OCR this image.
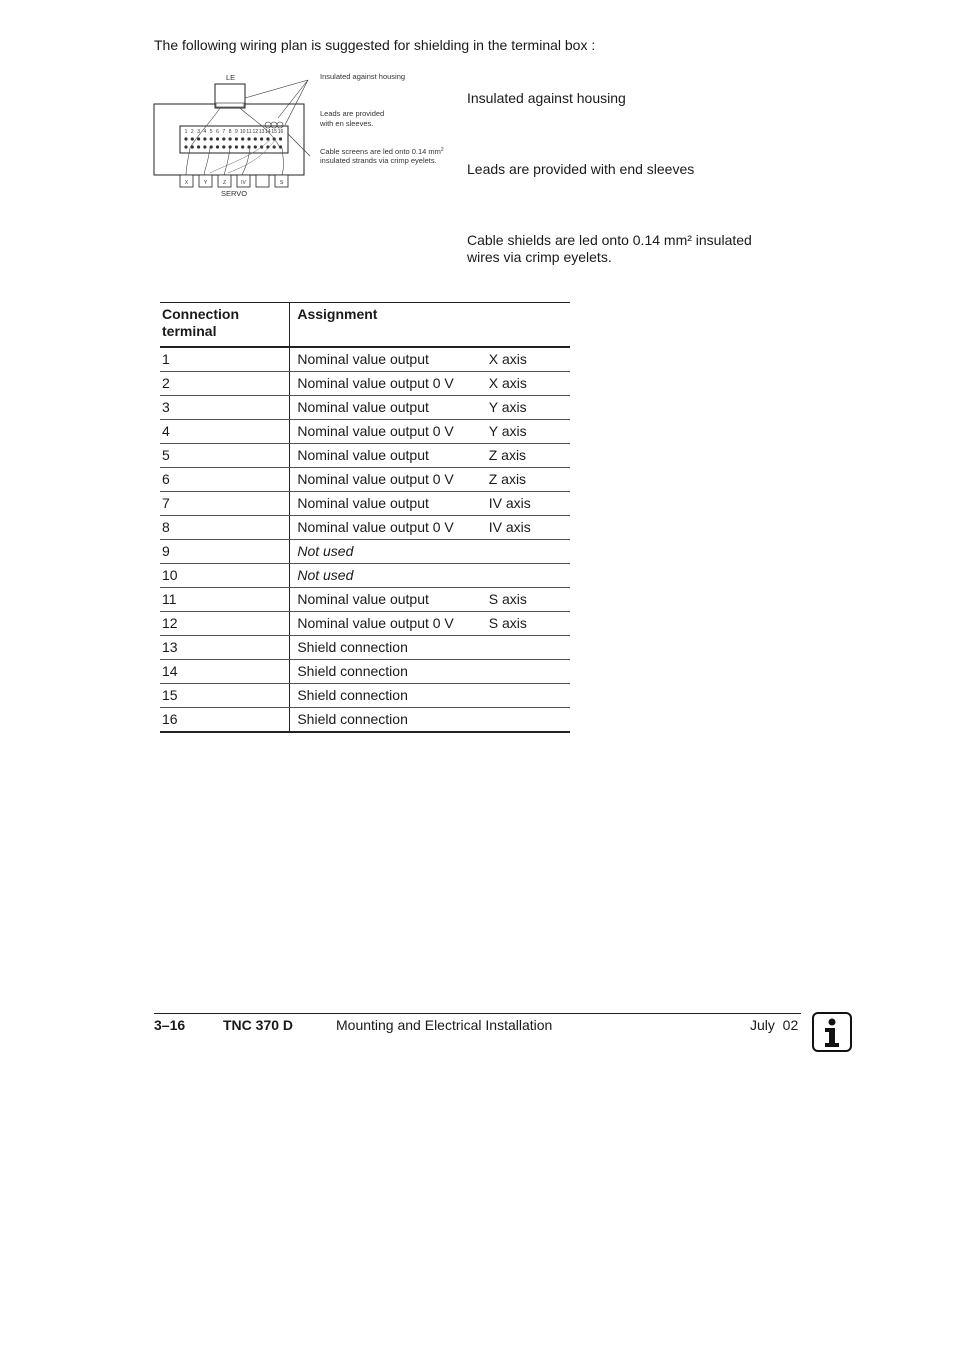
The following wiring plan is suggested for shielding in the terminal box :
LE
1 2 3 4 5 6 7 8 9 10 11 12 13 14 15 16
X	Y	Z	IV	S
SERVO
Insulated against housing
Leads are provided
with en sleeves.
Cable screens are led onto 0.14 $mm^2$
insulated strands via crimp eyelets.
Insulated against housing
Leads are provided with end sleeves
Cable shields are led onto 0.14 mm² insulated wires via crimp eyelets.
Connection terminal	Assignment	
1	Nominal value output	X axis
2	Nominal value output 0 V	X axis
3	Nominal value output	Y axis
4	Nominal value output 0 V	Y axis
5	Nominal value output	Z axis
6	Nominal value output 0 V	Z axis
7	Nominal value output	IV axis
8	Nominal value output 0 V	IV axis
9	Not used	
10	Not used	
11	Nominal value output	S axis
12	Nominal value output 0 V	S axis
13	Shield connection	
14	Shield connection	
15	Shield connection	
16	Shield connection	
3–16	TNC 370 D	Mounting and Electrical Installation	July  02
